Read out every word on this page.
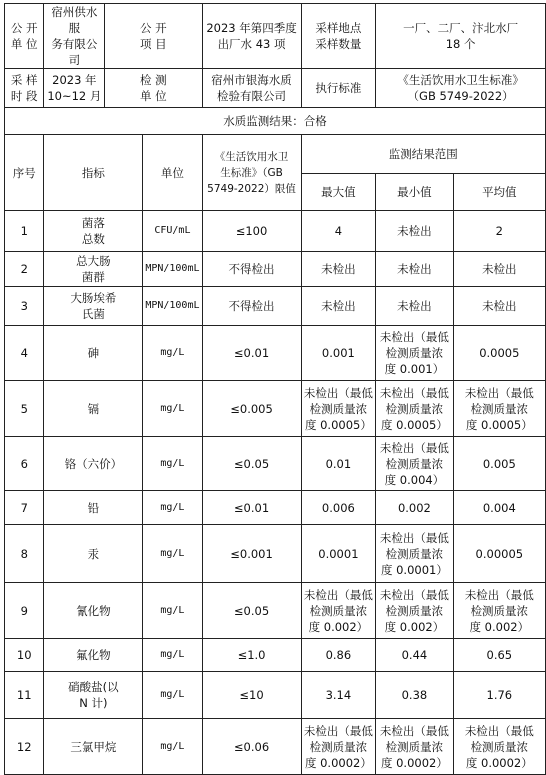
公 开
单 位	宿州供水服
务有限公司	公 开
项 目		2023 年第四季度
出厂水 43 项	采样地点
采样数量	一厂、二厂、汴北水厂
18 个	
采 样
时 段	2023 年
10~12 月	检 测
单 位		宿州市银海水质
检验有限公司	执行标准	《生活饮用水卫生标准》
（GB 5749-2022）	
水质监测结果：合格							
序号	指标		单位	《生活饮用水卫
生标准》（GB
5749-2022）限值	监测结果范围		
					最大值	最小值	平均值
1	菌落
总数		CFU/mL	≤100	4	未检出	2
2	总大肠
菌群		MPN/100mL	不得检出	未检出	未检出	未检出
3	大肠埃希
氏菌		MPN/100mL	不得检出	未检出	未检出	未检出
4	砷		mg/L	≤0.01	0.001	未检出（最低
检测质量浓
度 0.001）	0.0005
5	镉		mg/L	≤0.005	未检出（最低
检测质量浓
度 0.0005）	未检出（最低
检测质量浓
度 0.0005）	未检出（最低
检测质量浓
度 0.0005）
6	铬（六价）		mg/L	≤0.05	0.01	未检出（最低
检测质量浓
度 0.004）	0.005
7	铅		mg/L	≤0.01	0.006	0.002	0.004
8	汞		mg/L	≤0.001	0.0001	未检出（最低
检测质量浓
度 0.0001）	0.00005
9	氰化物		mg/L	≤0.05	未检出（最低
检测质量浓
度 0.002）	未检出（最低
检测质量浓
度 0.002）	未检出（最低
检测质量浓
度 0.002）
10	氟化物		mg/L	≤1.0	0.86	0.44	0.65
11	硝酸盐(以
N 计)		mg/L	≤10	3.14	0.38	1.76
12	三氯甲烷		mg/L	≤0.06	未检出（最低
检测质量浓
度 0.0002）	未检出（最低
检测质量浓
度 0.0002）	未检出（最低
检测质量浓
度 0.0002）
